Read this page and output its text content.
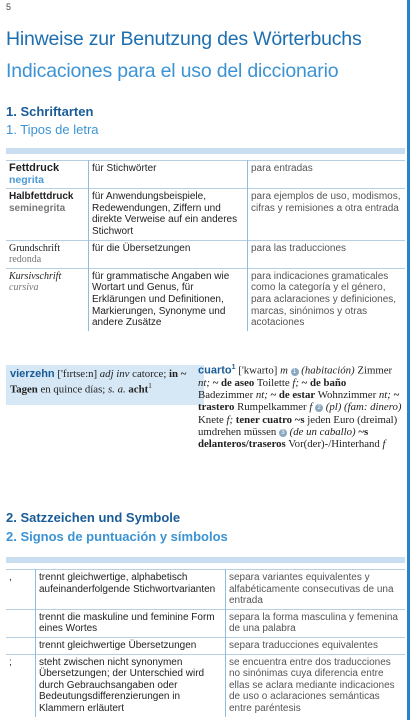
5
Hinweise zur Benutzung des Wörterbuchs
Indicaciones para el uso del diccionario
1. Schriftarten
1. Tipos de letra
Fettdruck
negrita	für Stichwörter	para entradas

Halbfettdruck
seminegrita	für Anwendungsbeispiele, Redewendungen, Ziffern und direkte Verweise auf ein anderes Stichwort	para ejemplos de uso, modismos, cifras y remisiones a otra entrada

Grundschrift
redonda	für die Übersetzungen	para las traducciones

Kursivschrift
cursiva	für grammatische Angaben wie Wortart und Genus, für Erklärungen und Definitionen, Markierungen, Synonyme und andere Zusätze	para indicaciones gramaticales como la categoría y el género, para aclaraciones y definiciones, marcas, sinónimos y otras acotaciones
vierzehn ['fɪrtse:n] adj inv catorce; in ~ Tagen en quince días; s. a. acht$^1$
cuarto$^1$ ['kwarto] m 1 (habitación) Zimmer nt; ~ de aseo Toilette f; ~ de baño Badezimmer nt; ~ de estar Wohnzimmer nt; ~ trastero Rumpelkammer f 2 (pl) (fam: dinero) Knete f; tener cuatro ~s jeden Euro (dreimal) umdrehen müssen 3 (de un caballo) ~s delanteros/traseros Vor(der)-/Hinterhand f
2. Satzzeichen und Symbole
2. Signos de puntuación y símbolos
,	trennt gleichwertige, alphabetisch aufeinanderfolgende Stichwortvarianten	separa variantes equivalentes y alfabéticamente consecutivas de una entrada
	trennt die maskuline und feminine Form eines Wortes	separa la forma masculina y femenina de una palabra
	trennt gleichwertige Übersetzungen	separa traducciones equivalentes
;	steht zwischen nicht synonymen Übersetzungen; der Unterschied wird durch Gebrauchsangaben oder Bedeutungsdifferenzierungen in Klammern erläutert	se encuentra entre dos traducciones no sinónimas cuya diferencia entre ellas se aclara mediante indicaciones de uso o aclaraciones semánticas entre paréntesis
